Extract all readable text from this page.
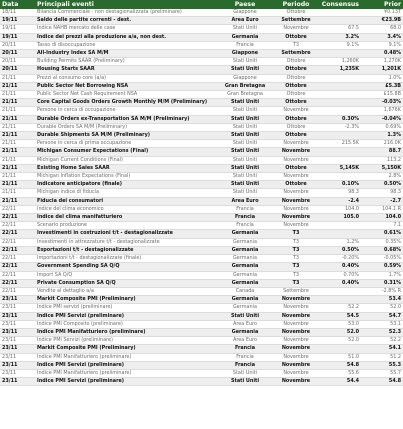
Data	Principali eventi	Paese	Periodo	Consensus	Prior
18/11	Bilancia Commerciale - non destagionalizzata (preliminare)	Giappone	Ottobre		¥0.13T
19/11	Saldo delle partite correnti - dest.	Area Euro	Settembre		€23.9B
19/11	Indice NAHB mercato delle case	Stati Uniti	Novembre	67.5	68.0
19/11	Indice dei prezzi alla produzione a/a, non dest.	Germania	Ottobre	3.2%	3.4%
20/11	Tasso di disoccupazione	Francia	T3	9.1%	9.1%
20/11	All-Industry Index SA M/M	Giappone	Settembre		0.48%
20/11	Building Permits SAAR (Preliminary)	Stati Uniti	Ottobre	1,260K	1,270K
20/11	Housing Starts SAAR	Stati Uniti	Ottobre	1,235K	1,201K
21/11	Prezzi al consumo core (a/a)	Giappone	Ottobre		1.0%
21/11	Public Sector Net Borrowing NSA	Gran Bretagna	Ottobre		£5.3B
21/11	Public Sector Net Cash Requirement NSA	Gran Bretagna	Ottobre		£15.8B
21/11	Core Capital Goods Orders Growth Monthly M/M (Preliminary)	Stati Uniti	Ottobre		-0.03%
21/11	Persone in cerca di occupazione	Stati Uniti	Novembre		1,676K
21/11	Durable Orders ex-Transportation SA M/M (Preliminary)	Stati Uniti	Ottobre	0.30%	-0.04%
21/11	Durable Orders SA M/M (Preliminary)	Stati Uniti	Ottobre	-2.3%	0.69%
21/11	Durable Shipments SA M/M (Preliminary)	Stati Uniti	Ottobre		1.3%
21/11	Persone in cerca di prima occupazione	Stati Uniti	Novembre	215.5K	216.0K
21/11	Michigan Consumer Expectations (Final)	Stati Uniti	Novembre		88.7
21/11	Michigan Current Conditions (Final)	Stati Uniti	Novembre		113.2
21/11	Existing Home Sales SAAR	Stati Uniti	Ottobre	5,145K	5,150K
21/11	Michigan Inflation Expectations (Final)	Stati Uniti	Novembre		2.8%
21/11	Indicatore anticipatore (finale)	Stati Uniti	Ottobre	0.10%	0.50%
21/11	Michigan indice di fiducia	Stati Uniti	Novembre	98.3	98.3
21/11	Fiducia dei consumatori	Area Euro	Novembre	-2.4	-2.7
22/11	Indice del clima economico	Francia	Novembre	104.0	104.1 R
22/11	Indice del clima manifatturiero	Francia	Novembre	105.0	104.0
22/11	Scenario produzione	Francia	Novembre		7.1
22/11	Investimenti in costruzioni t/t - destagionalizzate	Germania	T3		0.61%
22/11	Investimenti in attrezzature t/t - destagionalizzate	Germania	T3	1.2%	0.35%
22/11	Esportazioni t/t - destagionalizzate	Germania	T3	0.50%	0.68%
22/11	Importazioni t/t - destagionalizzate (finale)	Germania	T3	-0.20%	-0.05%
22/11	Government Spending SA Q/Q	Germania	T3	0.40%	0.59%
22/11	Import SA Q/Q	Germania	T3	0.70%	1.7%
22/11	Private Consumption SA Q/Q	Germania	T3	0.40%	0.31%
22/11	Vendite al dettaglio a/a	Canada	Settembre		-2.8% R
23/11	Markit Composite PMI (Preliminary)	Germania	Novembre		53.4
23/11	Indice PMI servizi (preliminare)	Germania	Novembre	52.2	52.0
23/11	Indice PMI Servizi (preliminare)	Stati Uniti	Novembre	54.5	54.7
23/11	Indice PMI Composito (preliminare)	Area Euro	Novembre	53.0	53.1
23/11	Indice PMI Manifatturiero (preliminare)	Germania	Novembre	52.0	52.3
23/11	Indice PMI Servizi (preliminare)	Area Euro	Novembre	52.0	52.2
23/11	Markit Composite PMI (Preliminary)	Francia	Novembre		54.1
23/11	Indice PMI Manifatturiero (preliminare)	Francia	Novembre	51.0	51.2
23/11	Indice PMI Servizi (preliminare)	Francia	Novembre	54.8	55.3
23/11	Indice PMI Manifatturiero (preliminare)	Stati Uniti	Novembre	55.6	55.7
23/11	Indice PMI Servizi (preliminare)	Stati Uniti	Novembre	54.4	54.8
